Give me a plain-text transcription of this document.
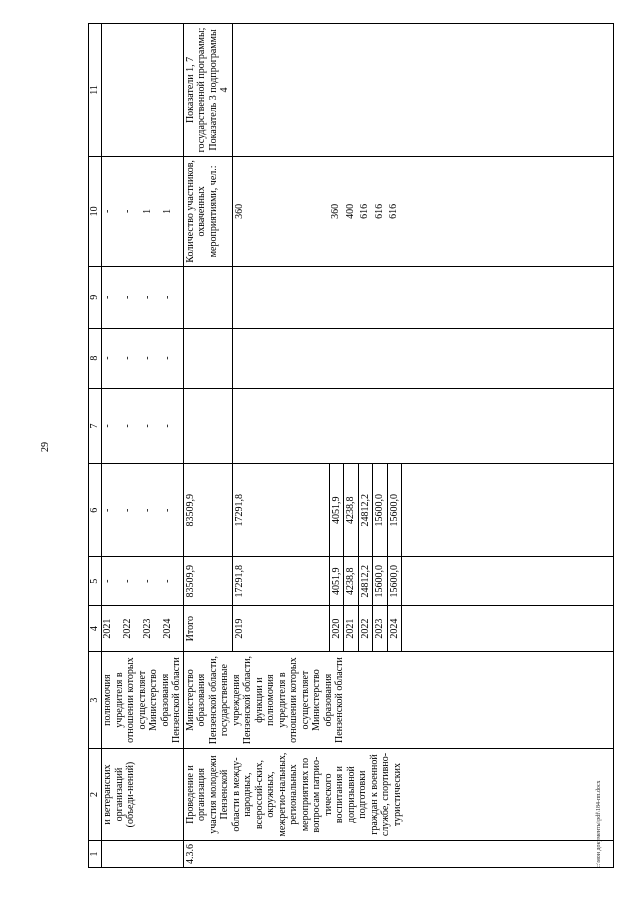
29
c:\мои документы\pdf\184-пп.docx
1	2	3	4	5	6	7	8	9	10	11
	и ветеранских организаций (объеди-нений)	полномочия учредителя в отношении которых осуществляет Министерство образования Пензенской области	2021	-	-	-	-	-	-	
			2022	-	-	-	-	-	-	
			2023	-	-	-	-	-	1	
			2024	-	-	-	-	-	1	
4.3.6	Проведение и организация участия молодежи Пензенской области в между-народных, всероссий-ских, окружных, межрегио-нальных, региональных мероприятиях по вопросам патрио-тического воспитания и допризывной подготовки граждан к военной службе, спортивно-туристических	Министерство образования Пензенской области, государственные учреждения Пензенской области, функции и полномочия учредителя в отношении которых осуществляет Министерство образования Пензенской области	Итого	83509,9	83509,9				Количество участников, охваченных мероприятиями, чел.:	Показатели 1, 7 государственной программы; Показатель 3 подпрограммы 4
			2019	17291,8	17291,8				360	
			2020	4051,9	4051,9				360	
			2021	4238,8	4238,8				400	
			2022	24812,2	24812,2				616	
			2023	15600,0	15600,0				616	
			2024	15600,0	15600,0				616	
